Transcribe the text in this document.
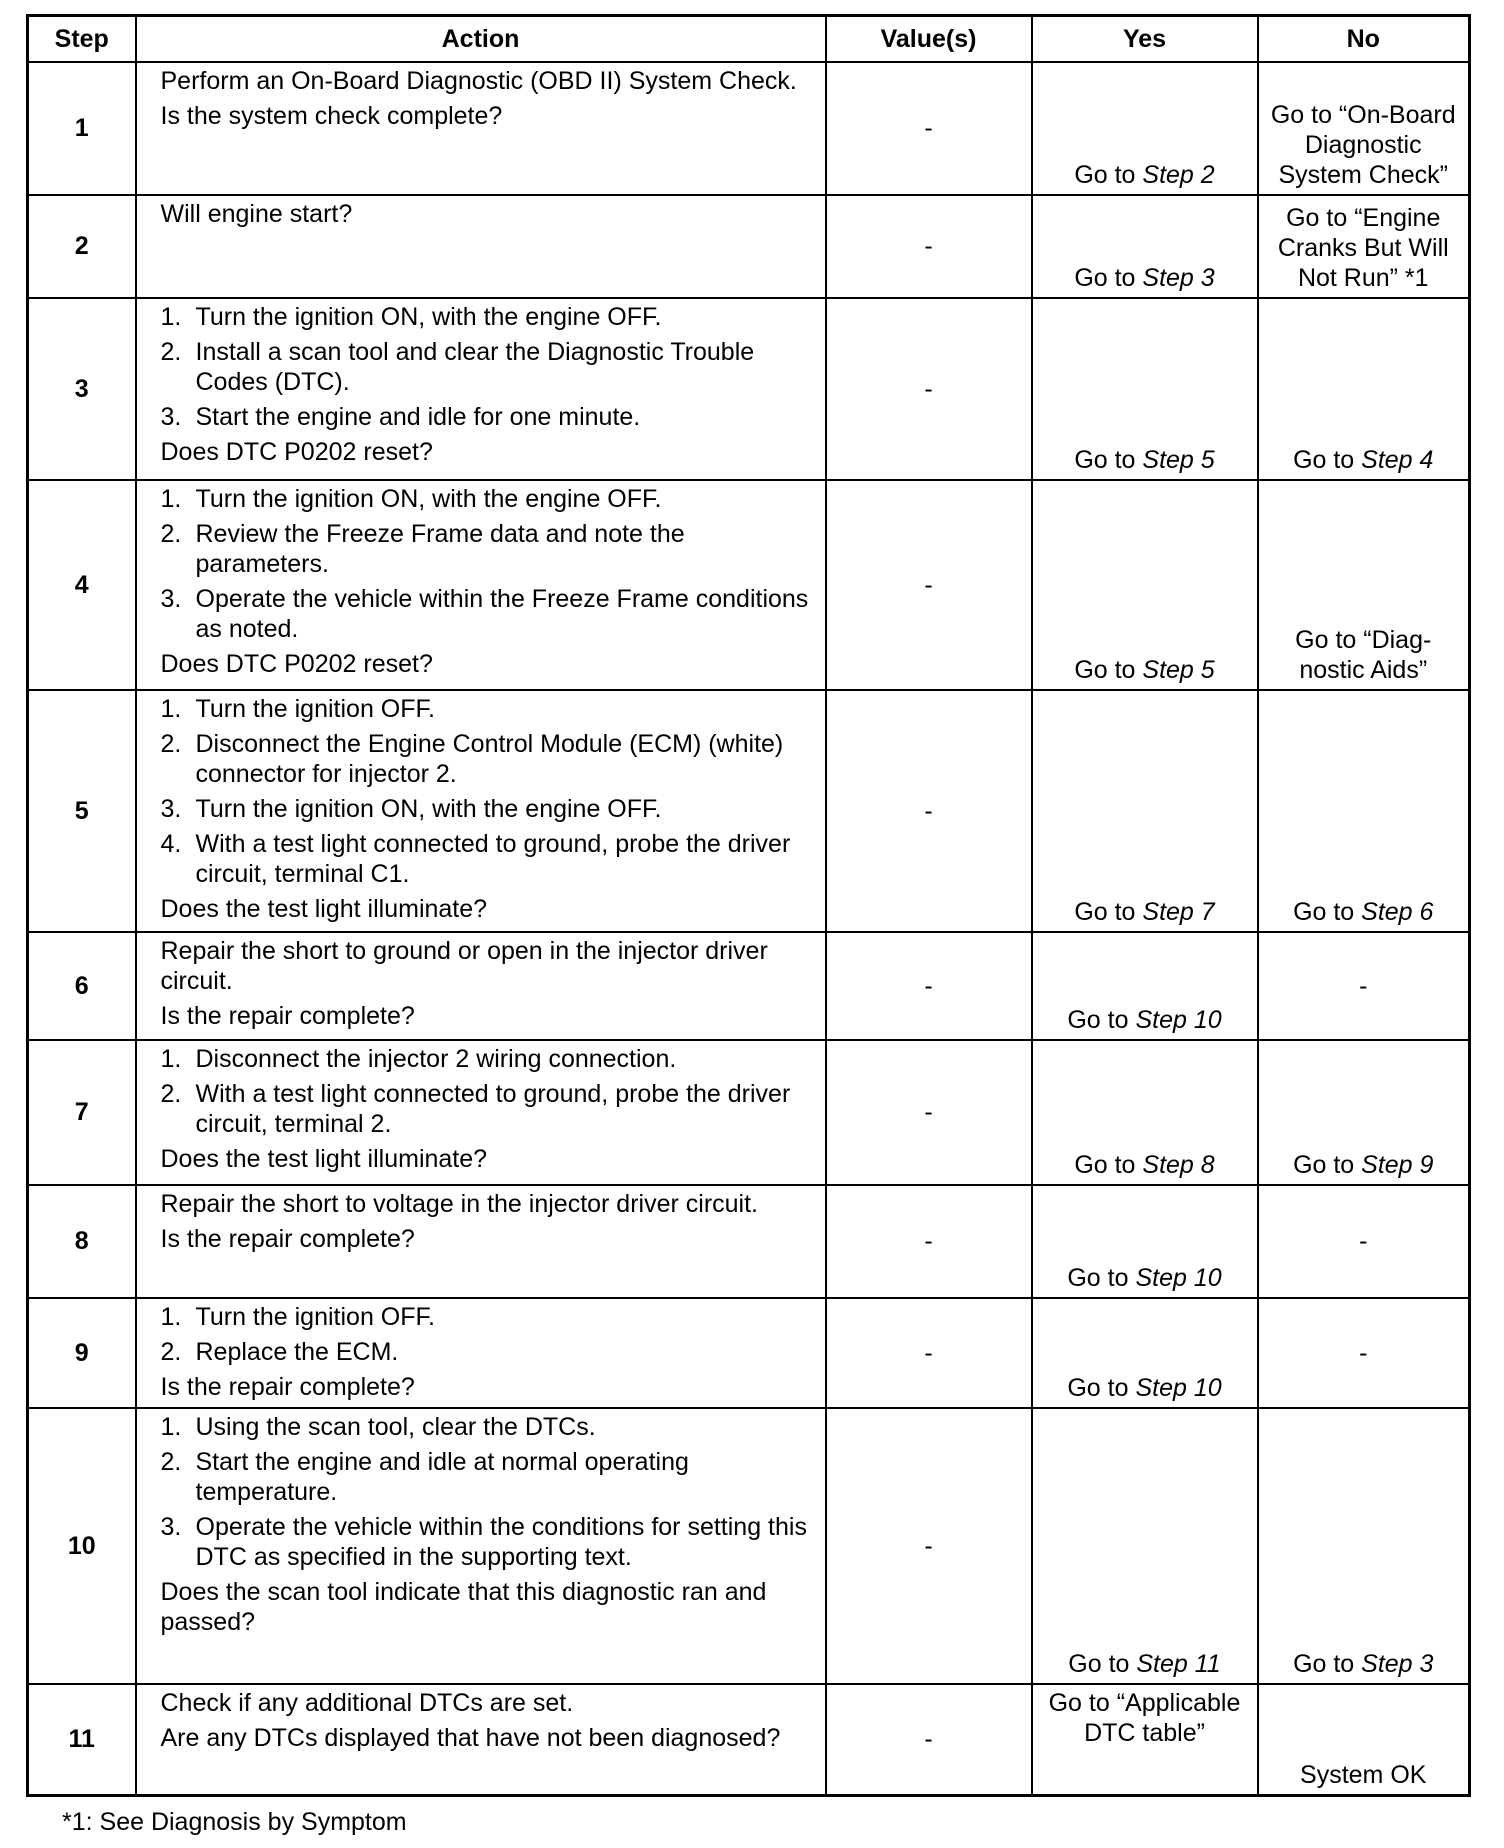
Step	Action	Value(s)	Yes	No
1	Perform an On-Board Diagnostic (OBD II) System Check.
Is the system check complete?	-	Go to Step 2	Go to “On-Board Diagnostic System Check”
2	Will engine start?	-	Go to Step 3	Go to “Engine Cranks But Will Not Run” *1
3	1. Turn the ignition ON, with the engine OFF.
2. Install a scan tool and clear the Diagnostic Trouble Codes (DTC).
3. Start the engine and idle for one minute.
Does DTC P0202 reset?	-	Go to Step 5	Go to Step 4
4	1. Turn the ignition ON, with the engine OFF.
2. Review the Freeze Frame data and note the parameters.
3. Operate the vehicle within the Freeze Frame conditions as noted.
Does DTC P0202 reset?	-	Go to Step 5	Go to “Diag-nostic Aids”
5	1. Turn the ignition OFF.
2. Disconnect the Engine Control Module (ECM) (white) connector for injector 2.
3. Turn the ignition ON, with the engine OFF.
4. With a test light connected to ground, probe the driver circuit, terminal C1.
Does the test light illuminate?	-	Go to Step 7	Go to Step 6
6	Repair the short to ground or open in the injector driver circuit.
Is the repair complete?	-	Go to Step 10	-
7	1. Disconnect the injector 2 wiring connection.
2. With a test light connected to ground, probe the driver circuit, terminal 2.
Does the test light illuminate?	-	Go to Step 8	Go to Step 9
8	Repair the short to voltage in the injector driver circuit.
Is the repair complete?	-	Go to Step 10	-
9	1. Turn the ignition OFF.
2. Replace the ECM.
Is the repair complete?	-	Go to Step 10	-
10	1. Using the scan tool, clear the DTCs.
2. Start the engine and idle at normal operating temperature.
3. Operate the vehicle within the conditions for setting this DTC as specified in the supporting text.
Does the scan tool indicate that this diagnostic ran and passed?	-	Go to Step 11	Go to Step 3
11	Check if any additional DTCs are set.
Are any DTCs displayed that have not been diagnosed?	-	Go to “Applicable DTC table”	System OK
*1: See Diagnosis by Symptom
